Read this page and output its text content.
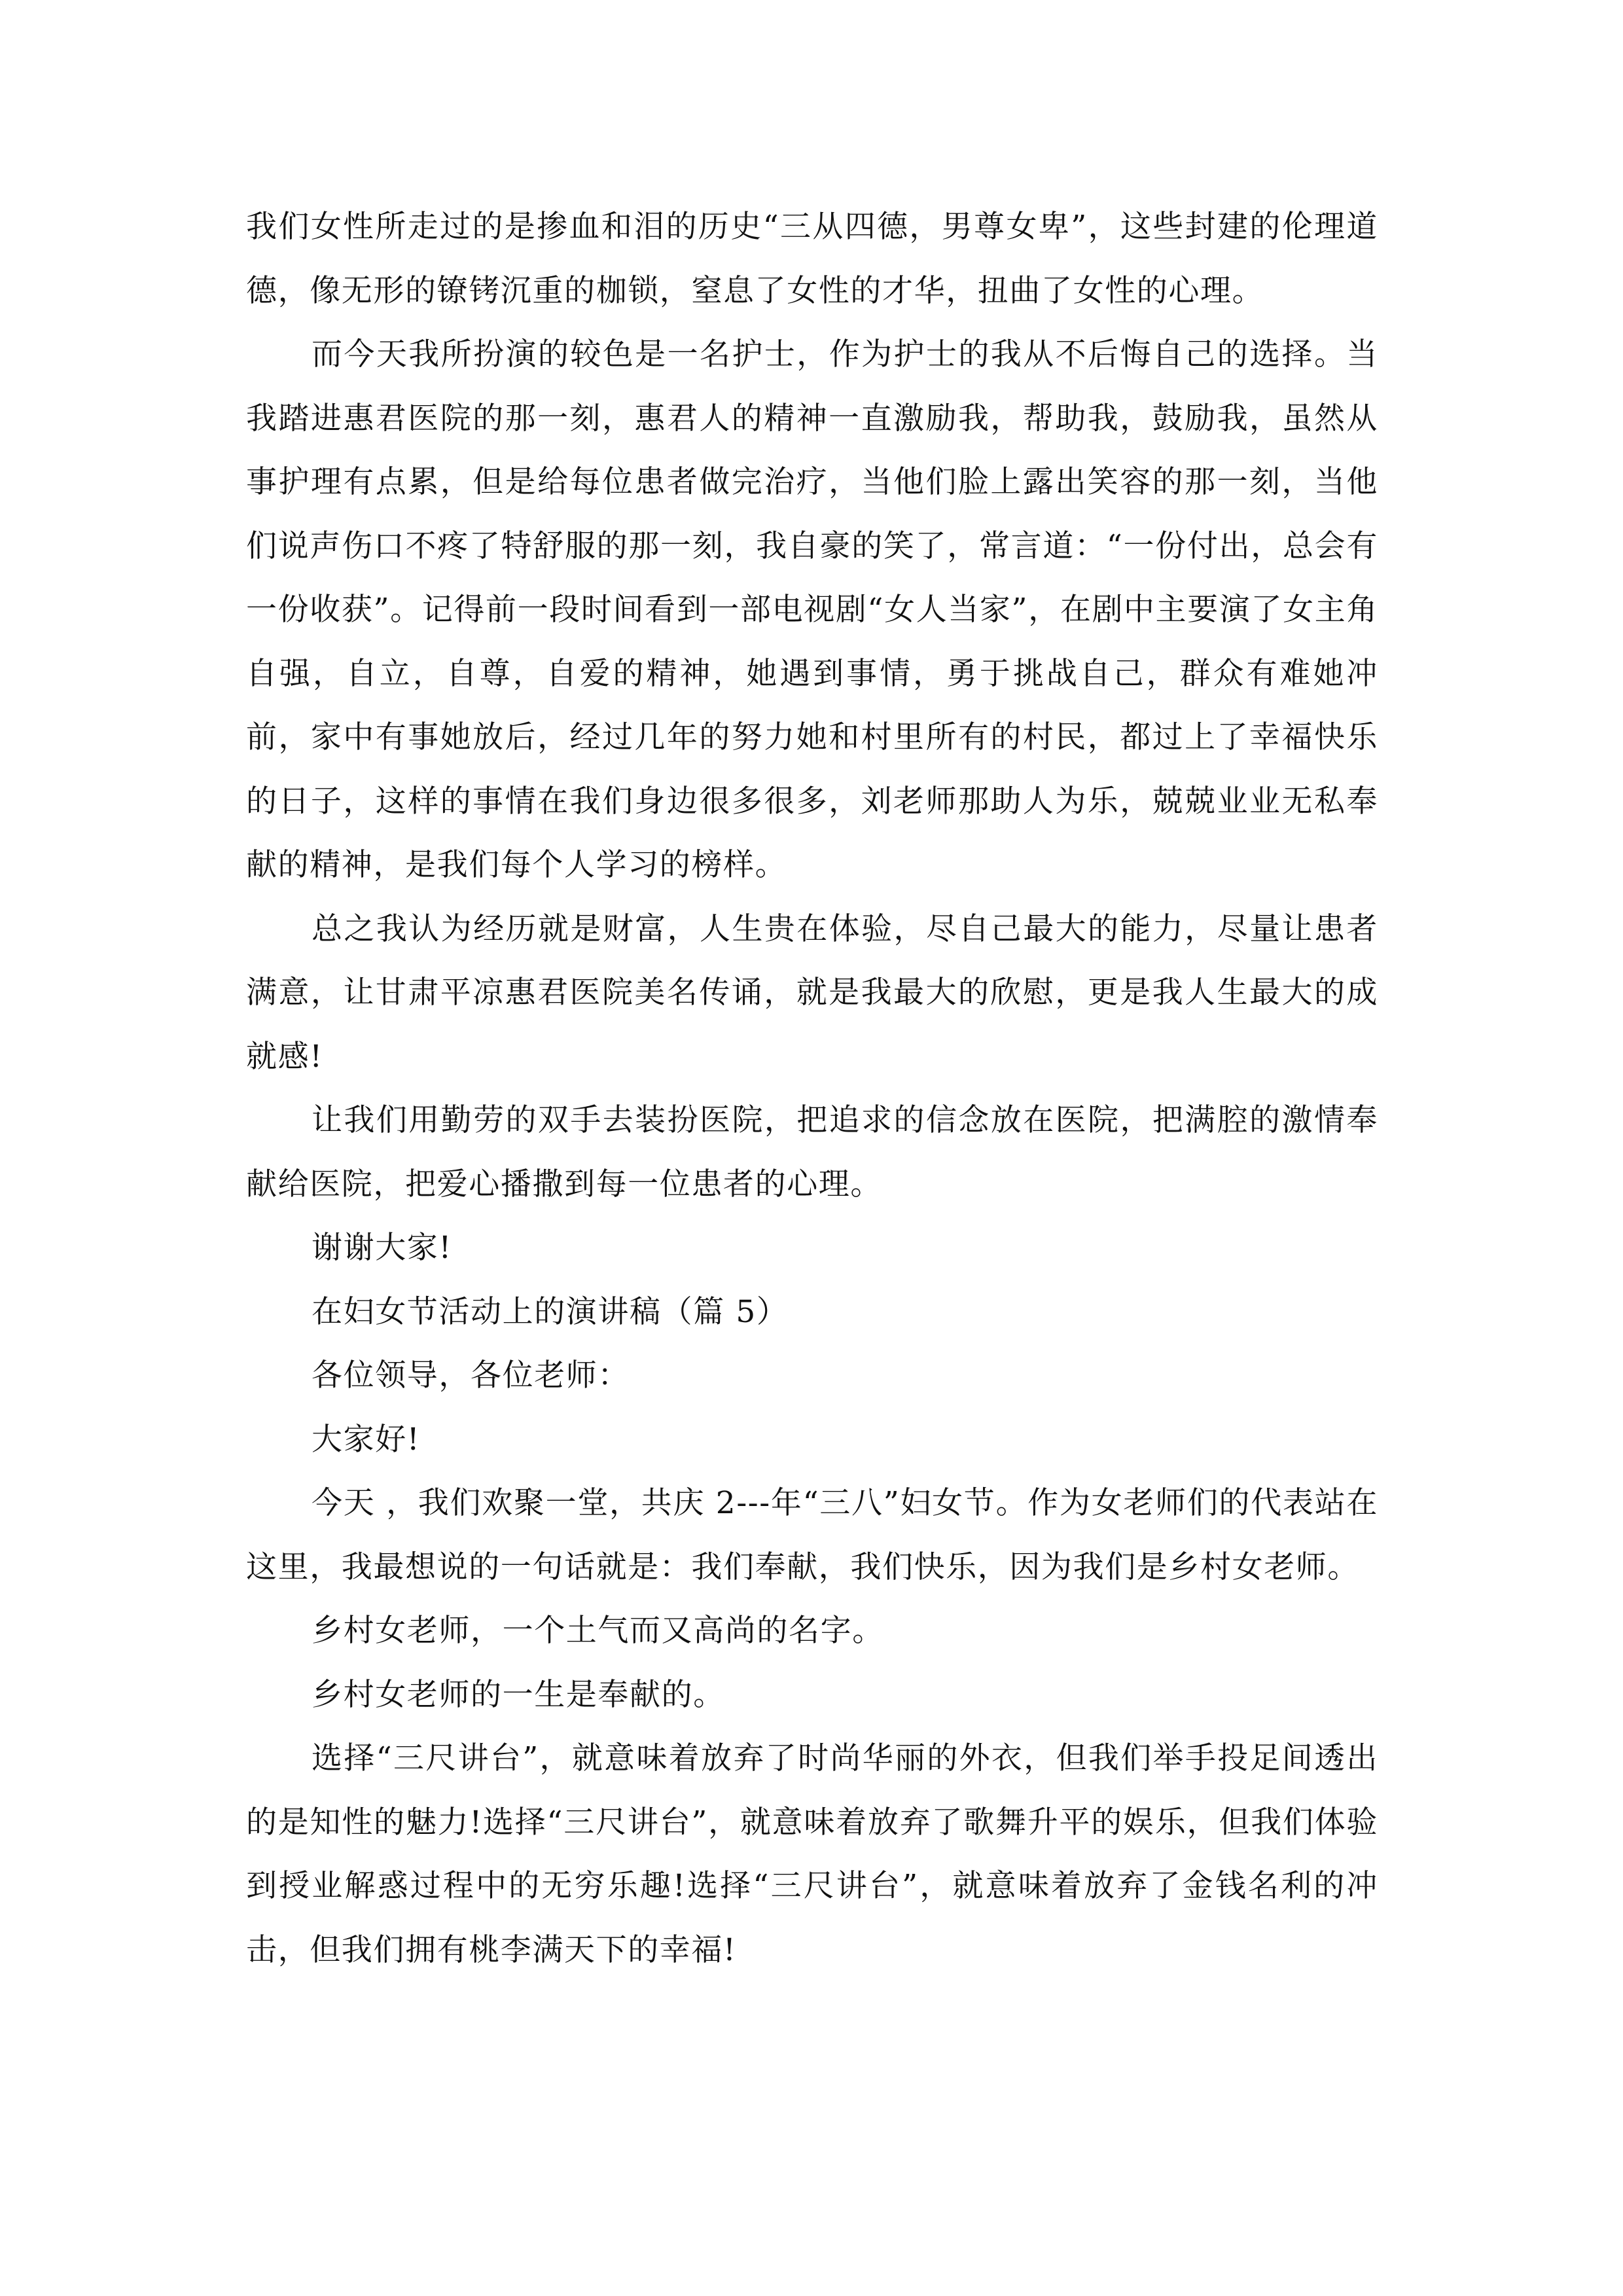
我们女性所走过的是掺血和泪的历史“三从四德，男尊女卑”，这些封建的伦理道德，像无形的镣铐沉重的枷锁，窒息了女性的才华，扭曲了女性的心理。

而今天我所扮演的较色是一名护士，作为护士的我从不后悔自己的选择。当我踏进惠君医院的那一刻，惠君人的精神一直激励我，帮助我，鼓励我，虽然从事护理有点累，但是给每位患者做完治疗，当他们脸上露出笑容的那一刻，当他们说声伤口不疼了特舒服的那一刻，我自豪的笑了，常言道：“一份付出，总会有一份收获”。记得前一段时间看到一部电视剧“女人当家”，在剧中主要演了女主角自强，自立，自尊，自爱的精神，她遇到事情，勇于挑战自己，群众有难她冲前，家中有事她放后，经过几年的努力她和村里所有的村民，都过上了幸福快乐的日子，这样的事情在我们身边很多很多，刘老师那助人为乐，兢兢业业无私奉献的精神，是我们每个人学习的榜样。

总之我认为经历就是财富，人生贵在体验，尽自己最大的能力，尽量让患者满意，让甘肃平凉惠君医院美名传诵，就是我最大的欣慰，更是我人生最大的成就感!

让我们用勤劳的双手去装扮医院，把追求的信念放在医院，把满腔的激情奉献给医院，把爱心播撒到每一位患者的心理。

谢谢大家!

在妇女节活动上的演讲稿（篇 5）

各位领导，各位老师：

大家好!

今天 ，我们欢聚一堂，共庆 2---年“三八”妇女节。作为女老师们的代表站在这里，我最想说的一句话就是：我们奉献，我们快乐，因为我们是乡村女老师。

乡村女老师，一个土气而又高尚的名字。

乡村女老师的一生是奉献的。

选择“三尺讲台”，就意味着放弃了时尚华丽的外衣，但我们举手投足间透出的是知性的魅力!选择“三尺讲台”，就意味着放弃了歌舞升平的娱乐，但我们体验到授业解惑过程中的无穷乐趣!选择“三尺讲台”，就意味着放弃了金钱名利的冲击，但我们拥有桃李满天下的幸福!
